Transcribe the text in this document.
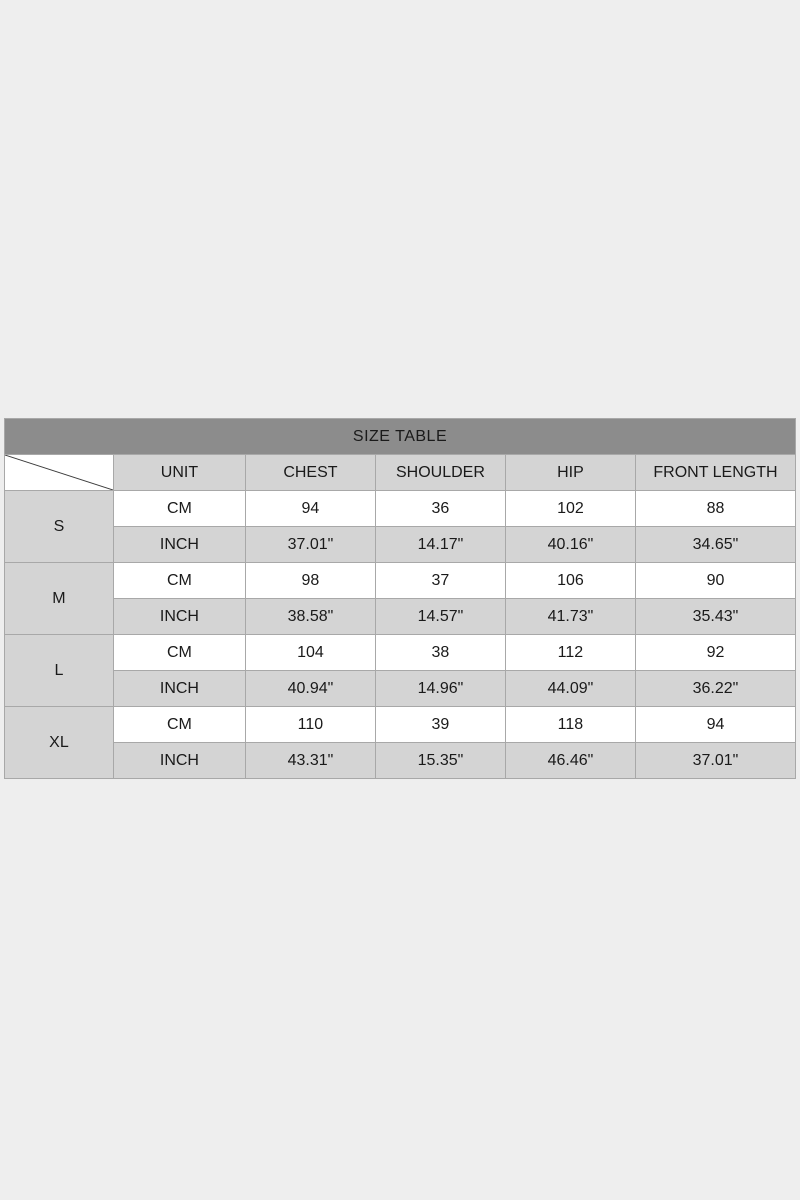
SIZE TABLE					

	UNIT	CHEST	SHOULDER	HIP	FRONT LENGTH
S	CM	94	36	102	88
	INCH	37.01"	14.17"	40.16"	34.65"
M	CM	98	37	106	90
	INCH	38.58"	14.57"	41.73"	35.43"
L	CM	104	38	112	92
	INCH	40.94"	14.96"	44.09"	36.22"
XL	CM	110	39	118	94
	INCH	43.31"	15.35"	46.46"	37.01"
